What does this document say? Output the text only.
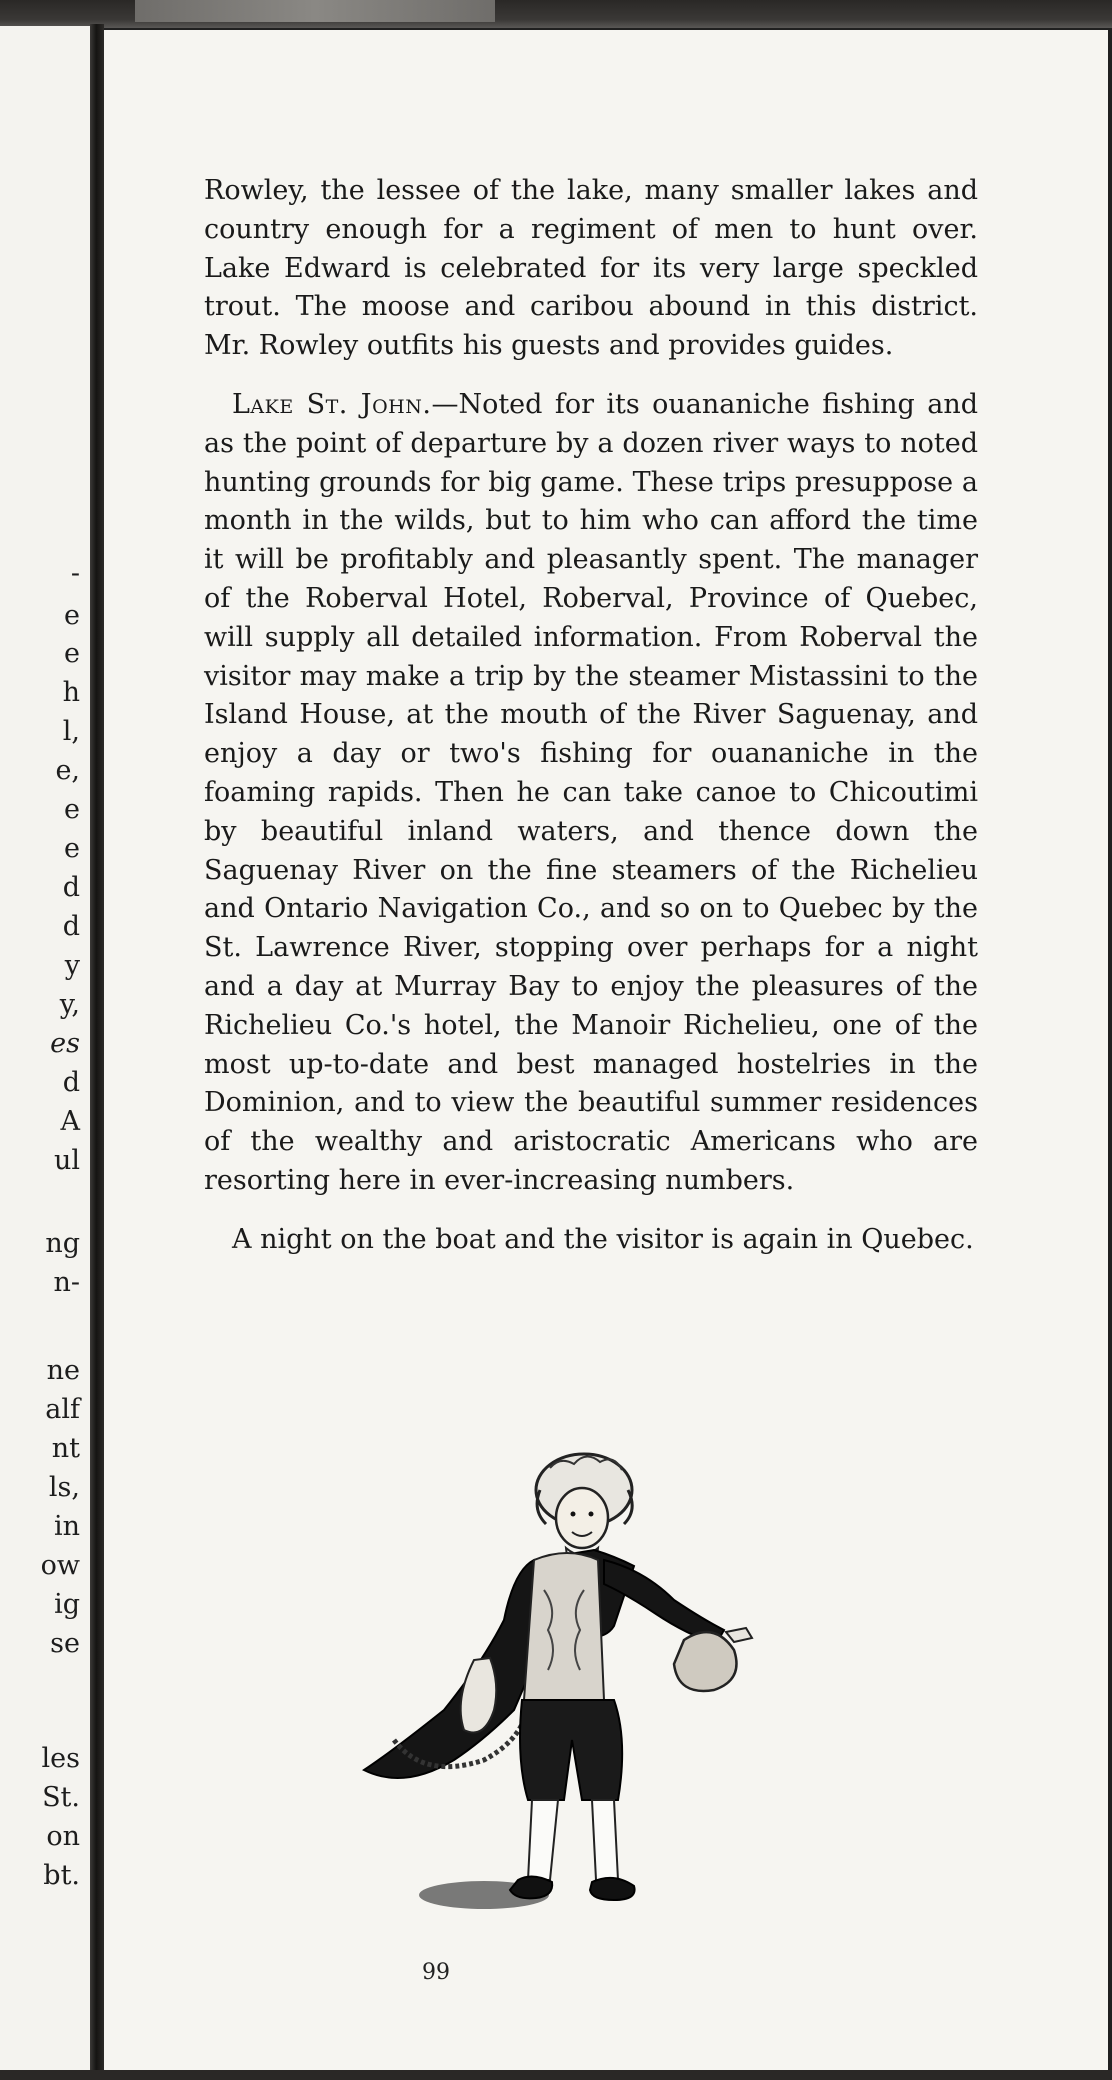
-
e
e
h
l,
e,
e
e
d
d
y
y,
es
d
A
ul
ng
n-
ne
alf
nt
ls,
in
ow
ig
se
les
St.
on
bt.

Rowley, the lessee of the lake, many smaller lakes and country enough for a regiment of men to hunt over. Lake Edward is celebrated for its very large speckled trout. The moose and caribou abound in this district. Mr. Rowley outfits his guests and provides guides.

Lake St. John.—Noted for its ouananiche fishing and as the point of departure by a dozen river ways to noted hunting grounds for big game. These trips presuppose a month in the wilds, but to him who can afford the time it will be profitably and pleasantly spent. The manager of the Roberval Hotel, Roberval, Province of Quebec, will supply all detailed information. From Roberval the visitor may make a trip by the steamer Mistassini to the Island House, at the mouth of the River Saguenay, and enjoy a day or two's fishing for ouananiche in the foaming rapids. Then he can take canoe to Chicoutimi by beautiful inland waters, and thence down the Saguenay River on the fine steamers of the Richelieu and Ontario Navigation Co., and so on to Quebec by the St. Lawrence River, stopping over perhaps for a night and a day at Murray Bay to enjoy the pleasures of the Richelieu Co.'s hotel, the Manoir Richelieu, one of the most up-to-date and best managed hostelries in the Dominion, and to view the beautiful summer residences of the wealthy and aristocratic Americans who are resorting here in ever-increasing numbers.

A night on the boat and the visitor is again in Quebec.

99
